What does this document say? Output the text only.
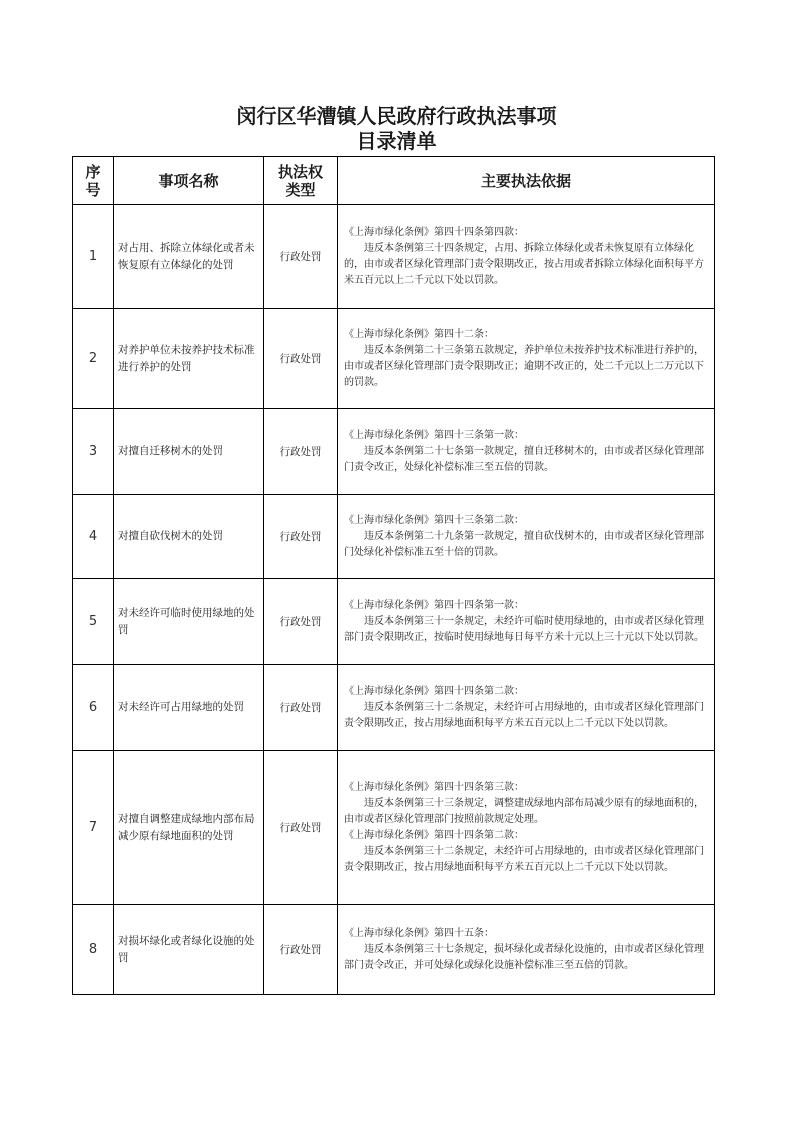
闵行区华漕镇人民政府行政执法事项
目录清单
序号	事项名称	执法权类型	主要执法依据
1	对占用、拆除立体绿化或者未恢复原有立体绿化的处罚	行政处罚	《上海市绿化条例》第四十四条第四款：
违反本条例第三十四条规定，占用、拆除立体绿化或者未恢复原有立体绿化的，由市或者区绿化管理部门责令限期改正，按占用或者拆除立体绿化面积每平方米五百元以上二千元以下处以罚款。

2	对养护单位未按养护技术标准进行养护的处罚	行政处罚	《上海市绿化条例》第四十二条：
违反本条例第二十三条第五款规定，养护单位未按养护技术标准进行养护的，由市或者区绿化管理部门责令限期改正；逾期不改正的，处二千元以上二万元以下的罚款。

3	对擅自迁移树木的处罚	行政处罚	《上海市绿化条例》第四十三条第一款：
违反本条例第二十七条第一款规定，擅自迁移树木的，由市或者区绿化管理部门责令改正，处绿化补偿标准三至五倍的罚款。

4	对擅自砍伐树木的处罚	行政处罚	《上海市绿化条例》第四十三条第二款：
违反本条例第二十九条第一款规定，擅自砍伐树木的，由市或者区绿化管理部门处绿化补偿标准五至十倍的罚款。

5	对未经许可临时使用绿地的处罚	行政处罚	《上海市绿化条例》第四十四条第一款：
违反本条例第三十一条规定，未经许可临时使用绿地的，由市或者区绿化管理部门责令限期改正，按临时使用绿地每日每平方米十元以上三十元以下处以罚款。

6	对未经许可占用绿地的处罚	行政处罚	《上海市绿化条例》第四十四条第二款：
违反本条例第三十二条规定，未经许可占用绿地的，由市或者区绿化管理部门责令限期改正，按占用绿地面积每平方米五百元以上二千元以下处以罚款。

7	对擅自调整建成绿地内部布局减少原有绿地面积的处罚	行政处罚	《上海市绿化条例》第四十四条第三款：
违反本条例第三十三条规定，调整建成绿地内部布局减少原有的绿地面积的，由市或者区绿化管理部门按照前款规定处理。
《上海市绿化条例》第四十四条第二款：
违反本条例第三十二条规定，未经许可占用绿地的，由市或者区绿化管理部门责令限期改正，按占用绿地面积每平方米五百元以上二千元以下处以罚款。

8	对损坏绿化或者绿化设施的处罚	行政处罚	《上海市绿化条例》第四十五条：
违反本条例第三十七条规定，损坏绿化或者绿化设施的，由市或者区绿化管理部门责令改正，并可处绿化或绿化设施补偿标准三至五倍的罚款。
